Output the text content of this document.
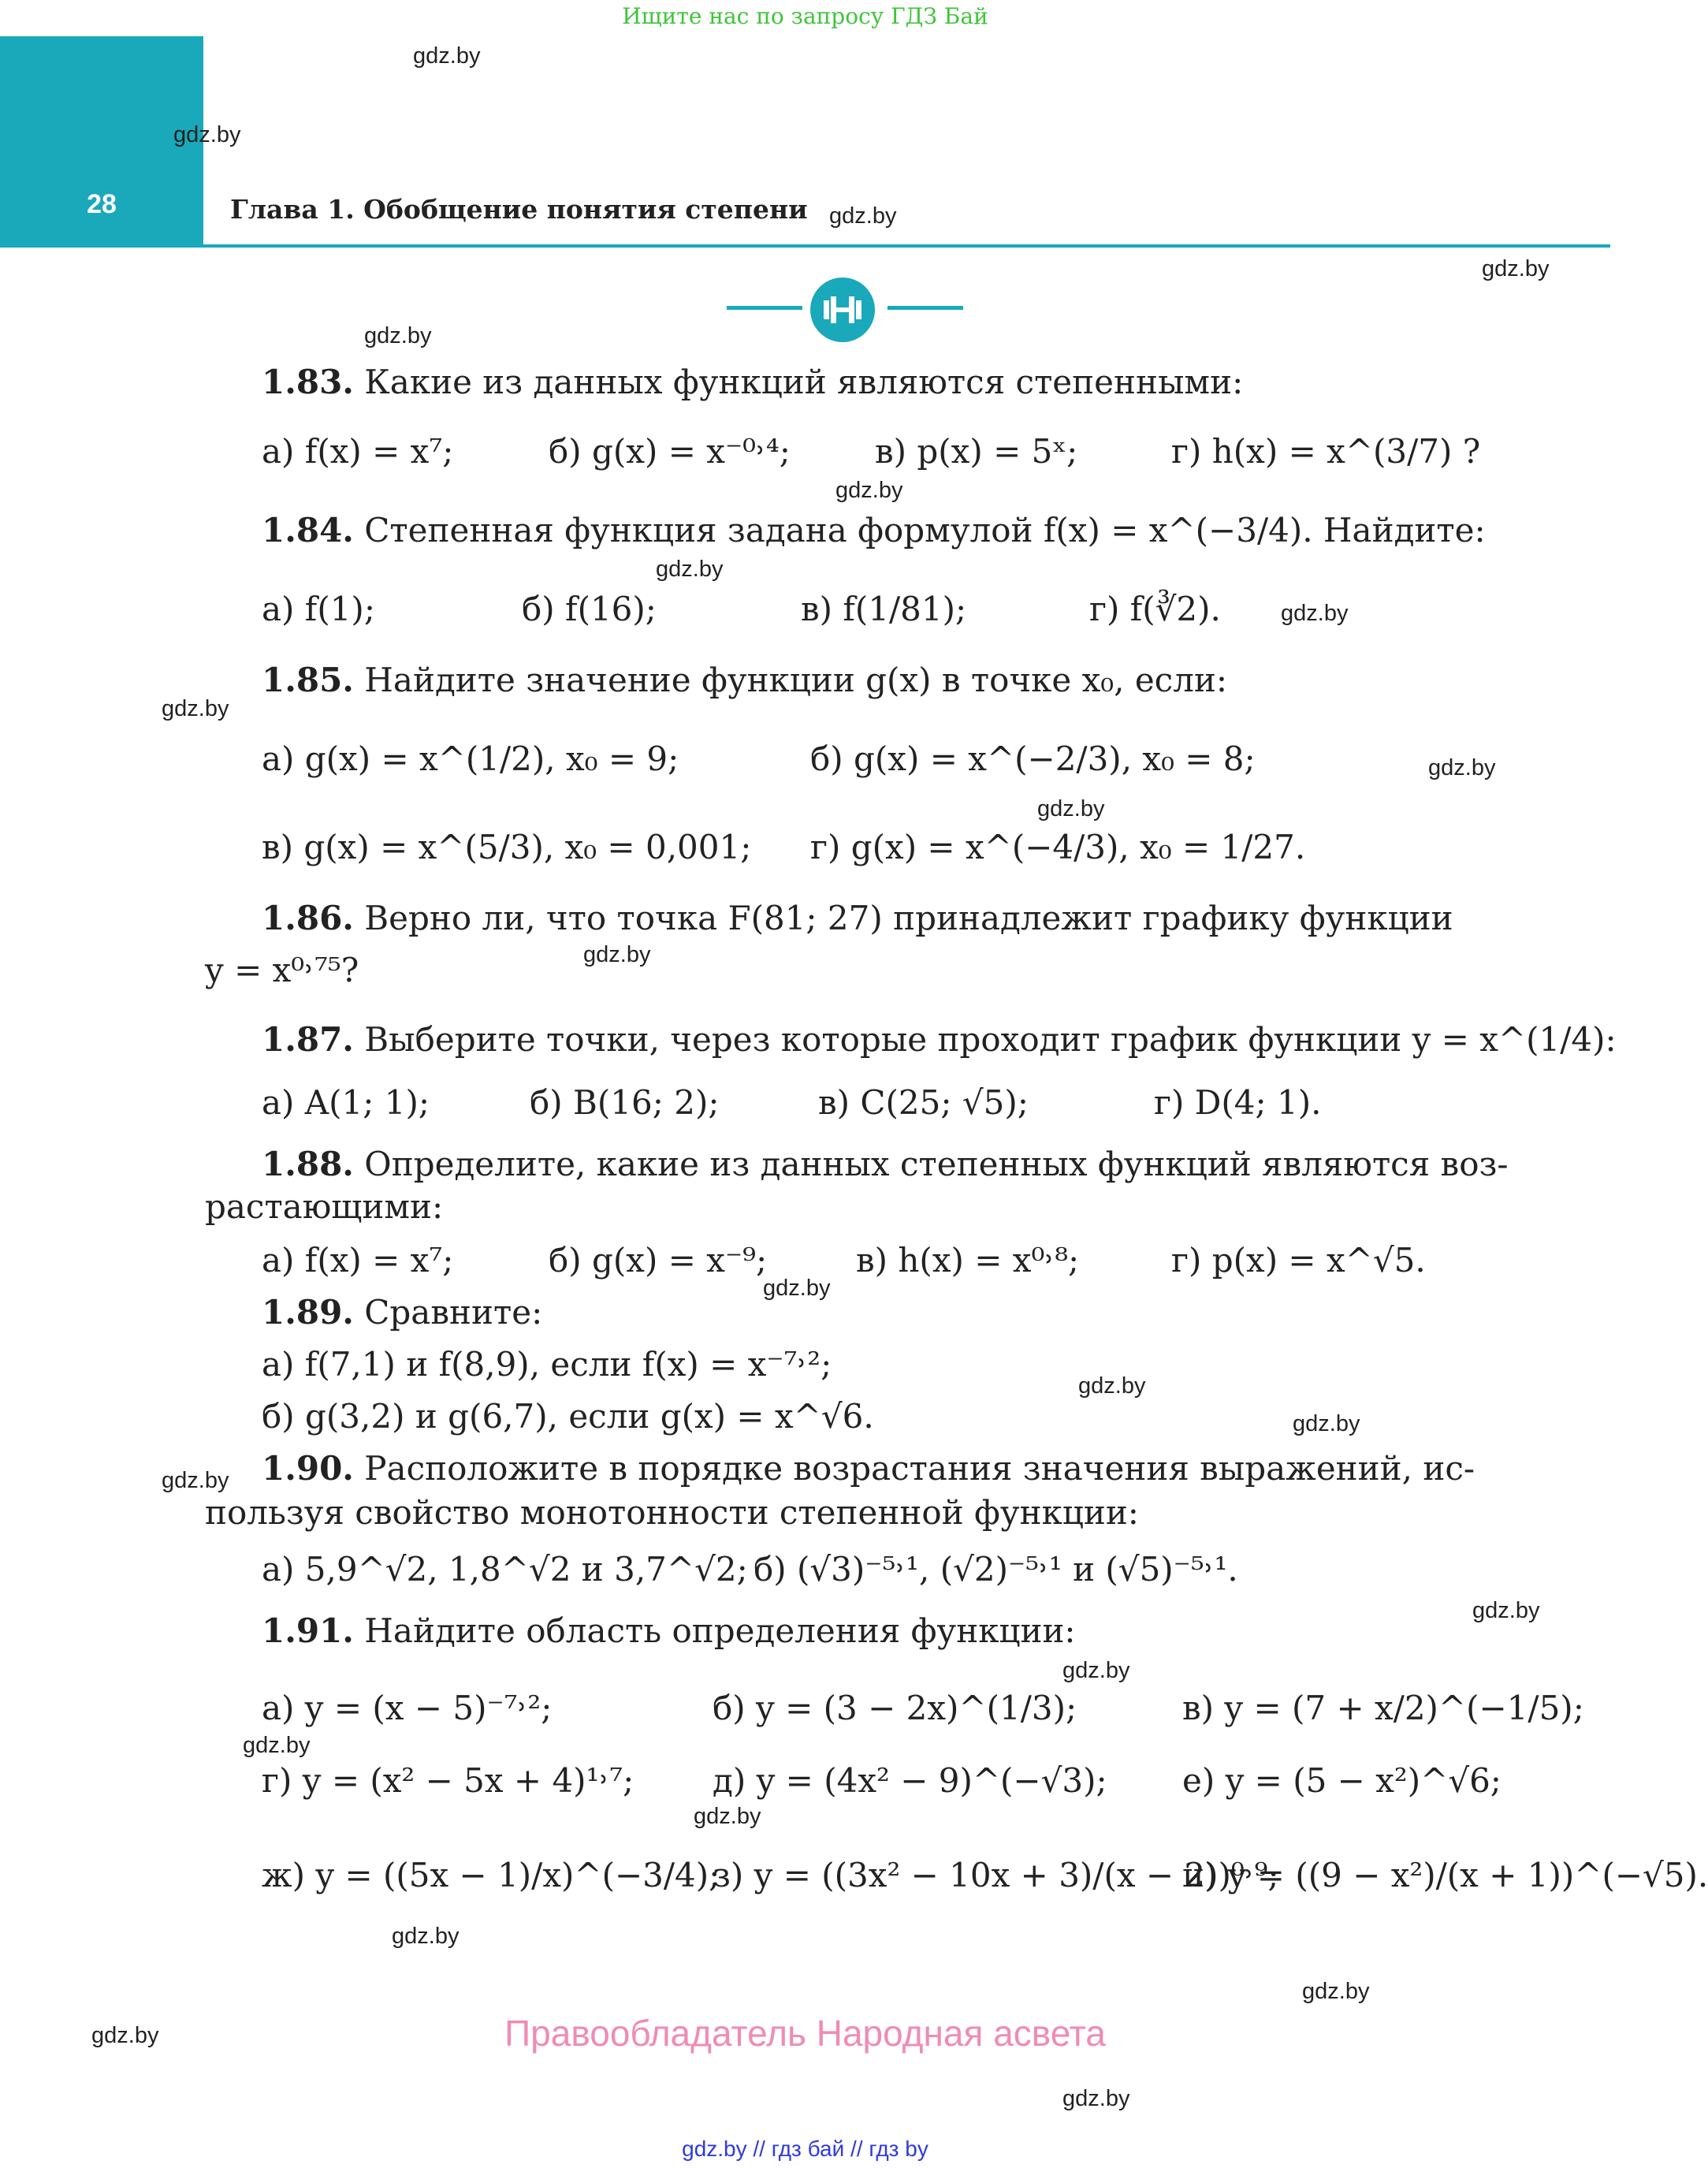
Ищите нас по запросу ГДЗ Бай
28	Глава 1. Обобщение понятия степени
gdz.by
gdz.by
gdz.by
gdz.by
gdz.by
gdz.by
gdz.by
gdz.by
gdz.by
gdz.by
gdz.by
gdz.by
gdz.by
gdz.by
gdz.by
gdz.by
gdz.by
gdz.by
gdz.by
gdz.by
gdz.by
gdz.by
gdz.by
gdz.by
1.83. Какие из данных функций являются степенными:
а) f(x) = x⁷;	б) g(x) = x⁻⁰˒⁴;	в) p(x) = 5ˣ;	г) h(x) = x^(3/7) ?
1.84. Степенная функция задана формулой f(x) = x^(−3/4). Найдите:
а) f(1);	б) f(16);	в) f(1/81);	г) f(∛2).
1.85. Найдите значение функции g(x) в точке x₀, если:
а) g(x) = x^(1/2), x₀ = 9;	б) g(x) = x^(−2/3), x₀ = 8;
в) g(x) = x^(5/3), x₀ = 0,001; г) g(x) = x^(−4/3), x₀ = 1/27.
1.86. Верно ли, что точка F(81; 27) принадлежит графику функции
y = x⁰˒⁷⁵?
1.87. Выберите точки, через которые проходит график функции y = x^(1/4):
а) A(1; 1);	б) B(16; 2);	в) C(25; √5);	г) D(4; 1).
1.88. Определите, какие из данных степенных функций являются воз-
растающими:
а) f(x) = x⁷;	б) g(x) = x⁻⁹;	в) h(x) = x⁰˒⁸;	г) p(x) = x^√5.
1.89. Сравните:
а) f(7,1) и f(8,9), если f(x) = x⁻⁷˒²;
б) g(3,2) и g(6,7), если g(x) = x^√6.
1.90. Расположите в порядке возрастания значения выражений, ис-
пользуя свойство монотонности степенной функции:
а) 5,9^√2, 1,8^√2 и 3,7^√2; б) (√3)⁻⁵˒¹, (√2)⁻⁵˒¹ и (√5)⁻⁵˒¹.
1.91. Найдите область определения функции:
а) y = (x − 5)⁻⁷˒²;	б) y = (3 − 2x)^(1/3);	в) y = (7 + x/2)^(−1/5);
г) y = (x² − 5x + 4)¹˒⁷; д) y = (4x² − 9)^(−√3); е) y = (5 − x²)^√6;
ж) y = ((5x − 1)/x)^(−3/4);
з) y = ((3x² − 10x + 3)/(x − 2))⁰˒⁹;
и) y = ((9 − x²)/(x + 1))^(−√5).
Правообладатель Народная асвета
gdz.by // гдз бай // гдз by
